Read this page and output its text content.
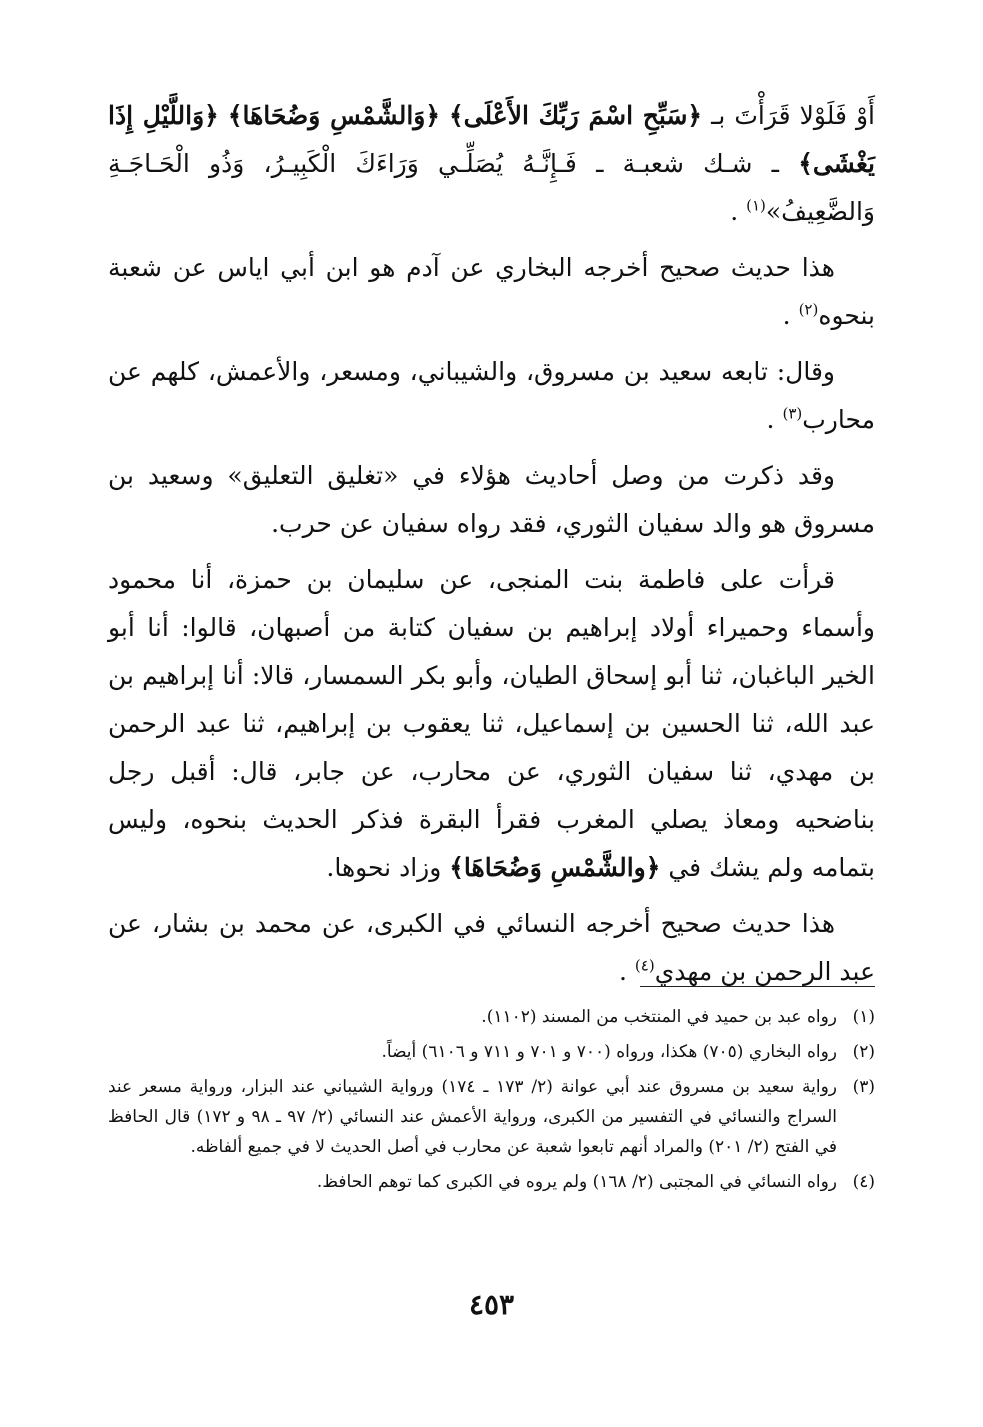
أَوْ فَلَوْلا قَرَأْتَ بـ ﴿سَبِّحِ اسْمَ رَبِّكَ الأَعْلَى﴾ ﴿وَالشَّمْسِ وَضُحَاهَا﴾ ﴿وَاللَّيْلِ إِذَا يَغْشَى﴾ ـ شـك شعبـة ـ فَـإِنَّـهُ يُصَلِّـي وَرَاءَكَ الْكَبِيـرُ، وَذُو الْحَـاجَـةِ وَالضَّعِيفُ»$^{(١)}$ .

هذا حديث صحيح أخرجه البخاري عن آدم هو ابن أبي اياس عن شعبة بنحوه$^{(٢)}$ .

وقال: تابعه سعيد بن مسروق، والشيباني، ومسعر، والأعمش، كلهم عن محارب$^{(٣)}$ .

وقد ذكرت من وصل أحاديث هؤلاء في «تغليق التعليق» وسعيد بن مسروق هو والد سفيان الثوري، فقد رواه سفيان عن حرب.

قرأت على فاطمة بنت المنجى، عن سليمان بن حمزة، أنا محمود وأسماء وحميراء أولاد إبراهيم بن سفيان كتابة من أصبهان، قالوا: أنا أبو الخير الباغبان، ثنا أبو إسحاق الطيان، وأبو بكر السمسار، قالا: أنا إبراهيم بن عبد الله، ثنا الحسين بن إسماعيل، ثنا يعقوب بن إبراهيم، ثنا عبد الرحمن بن مهدي، ثنا سفيان الثوري، عن محارب، عن جابر، قال: أقبل رجل بناضحيه ومعاذ يصلي المغرب فقرأ البقرة فذكر الحديث بنحوه، وليس بتمامه ولم يشك في ﴿والشَّمْسِ وَضُحَاهَا﴾ وزاد نحوها.

هذا حديث صحيح أخرجه النسائي في الكبرى، عن محمد بن بشار، عن عبد الرحمن بن مهدي$^{(٤)}$ .

(١)
رواه عبد بن حميد في المنتخب من المسند (١١٠٢).
(٢)
رواه البخاري (٧٠٥) هكذا، ورواه (٧٠٠ و ٧٠١ و ٧١١ و ٦١٠٦) أيضاً.
(٣)
رواية سعيد بن مسروق عند أبي عوانة (٢/ ١٧٣ ـ ١٧٤) ورواية الشيباني عند البزار، ورواية مسعر عند السراج والنسائي في التفسير من الكبرى، ورواية الأعمش عند النسائي (٢/ ٩٧ ـ ٩٨ و ١٧٢) قال الحافظ في الفتح (٢/ ٢٠١) والمراد أنهم تابعوا شعبة عن محارب في أصل الحديث لا في جميع ألفاظه.
(٤)
رواه النسائي في المجتبى (٢/ ١٦٨) ولم يروه في الكبرى كما توهم الحافظ.
٤٥٣
